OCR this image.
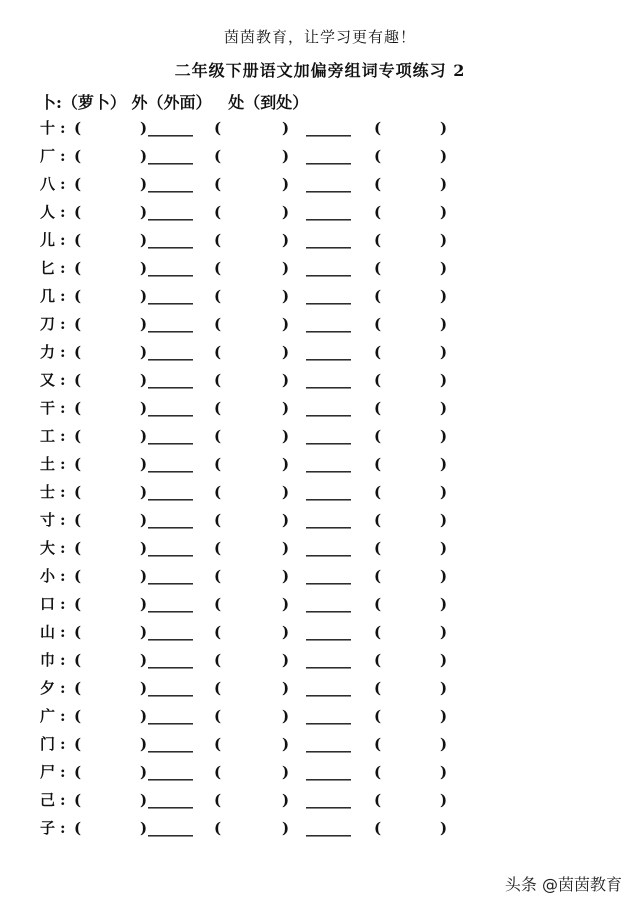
茵茵教育，让学习更有趣！
二年级下册语文加偏旁组词专项练习 2
卜:（萝卜） 外（外面） 处（到处）
十 : (	) ______ (	) ______ (	)
厂 : (	) ______ (	) ______ (	)
八 : (	) ______ (	) ______ (	)
人 : (	) ______ (	) ______ (	)
儿 : (	) ______ (	) ______ (	)
匕 : (	) ______ (	) ______ (	)
几 : (	) ______ (	) ______ (	)
刀 : (	) ______ (	) ______ (	)
力 : (	) ______ (	) ______ (	)
又 : (	) ______ (	) ______ (	)
干 : (	) ______ (	) ______ (	)
工 : (	) ______ (	) ______ (	)
土 : (	) ______ (	) ______ (	)
士 : (	) ______ (	) ______ (	)
寸 : (	) ______ (	) ______ (	)
大 : (	) ______ (	) ______ (	)
小 : (	) ______ (	) ______ (	)
口 : (	) ______ (	) ______ (	)
山 : (	) ______ (	) ______ (	)
巾 : (	) ______ (	) ______ (	)
夕 : (	) ______ (	) ______ (	)
广 : (	) ______ (	) ______ (	)
门 : (	) ______ (	) ______ (	)
尸 : (	) ______ (	) ______ (	)
己 : (	) ______ (	) ______ (	)
子 : (	) ______ (	) ______ (	)
头条 @茵茵教育
